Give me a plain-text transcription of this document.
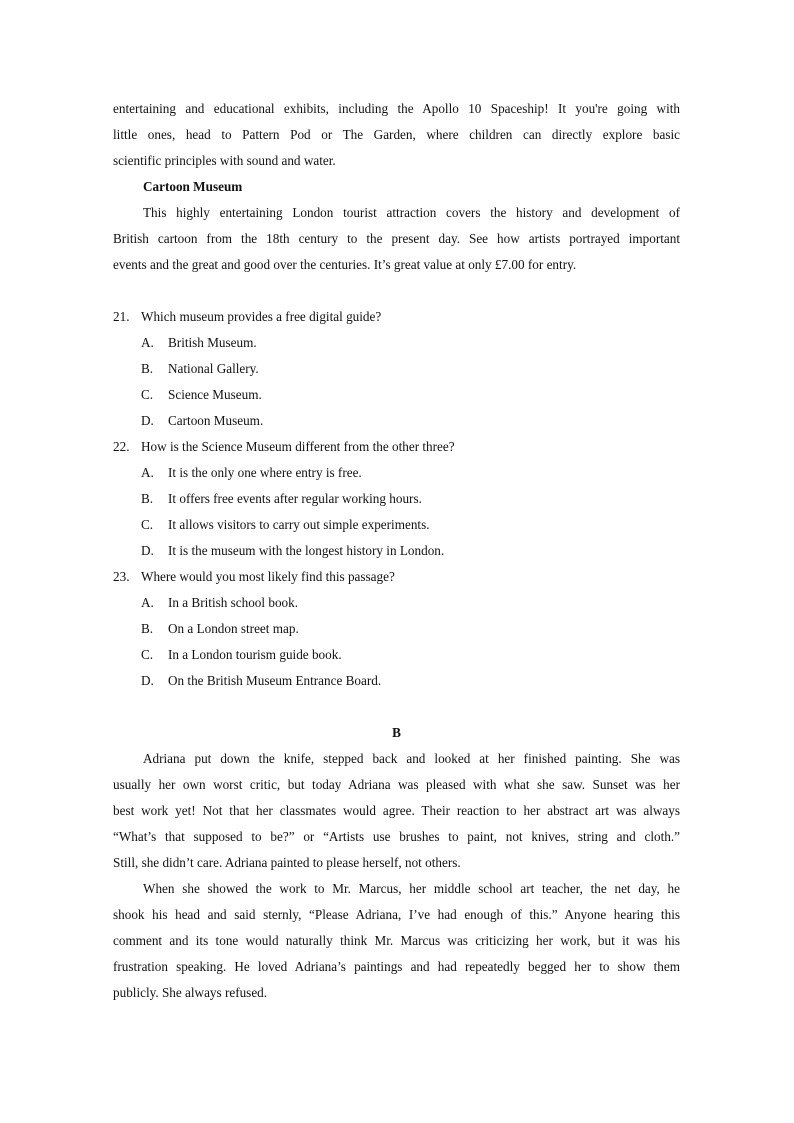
entertaining and educational exhibits, including the Apollo 10 Spaceship! It you're going with
little ones, head to Pattern Pod or The Garden, where children can directly explore basic
scientific principles with sound and water.
Cartoon Museum
This highly entertaining London tourist attraction covers the history and development of
British cartoon from the 18th century to the present day. See how artists portrayed important
events and the great and good over the centuries. It’s great value at only £7.00 for entry.
21. Which museum provides a free digital guide?
A.	British Museum.
B.	National Gallery.
C.	Science Museum.
D.	Cartoon Museum.
22. How is the Science Museum different from the other three?
A.	It is the only one where entry is free.
B.	It offers free events after regular working hours.
C.	It allows visitors to carry out simple experiments.
D.	It is the museum with the longest history in London.
23. Where would you most likely find this passage?
A.	In a British school book.
B.	On a London street map.
C.	In a London tourism guide book.
D.	On the British Museum Entrance Board.
B
Adriana put down the knife, stepped back and looked at her finished painting. She was
usually her own worst critic, but today Adriana was pleased with what she saw. Sunset was her
best work yet! Not that her classmates would agree. Their reaction to her abstract art was always
“What’s that supposed to be?” or “Artists use brushes to paint, not knives, string and cloth.”
Still, she didn’t care. Adriana painted to please herself, not others.
When she showed the work to Mr. Marcus, her middle school art teacher, the net day, he
shook his head and said sternly, “Please Adriana, I’ve had enough of this.” Anyone hearing this
comment and its tone would naturally think Mr. Marcus was criticizing her work, but it was his
frustration speaking. He loved Adriana’s paintings and had repeatedly begged her to show them
publicly. She always refused.
